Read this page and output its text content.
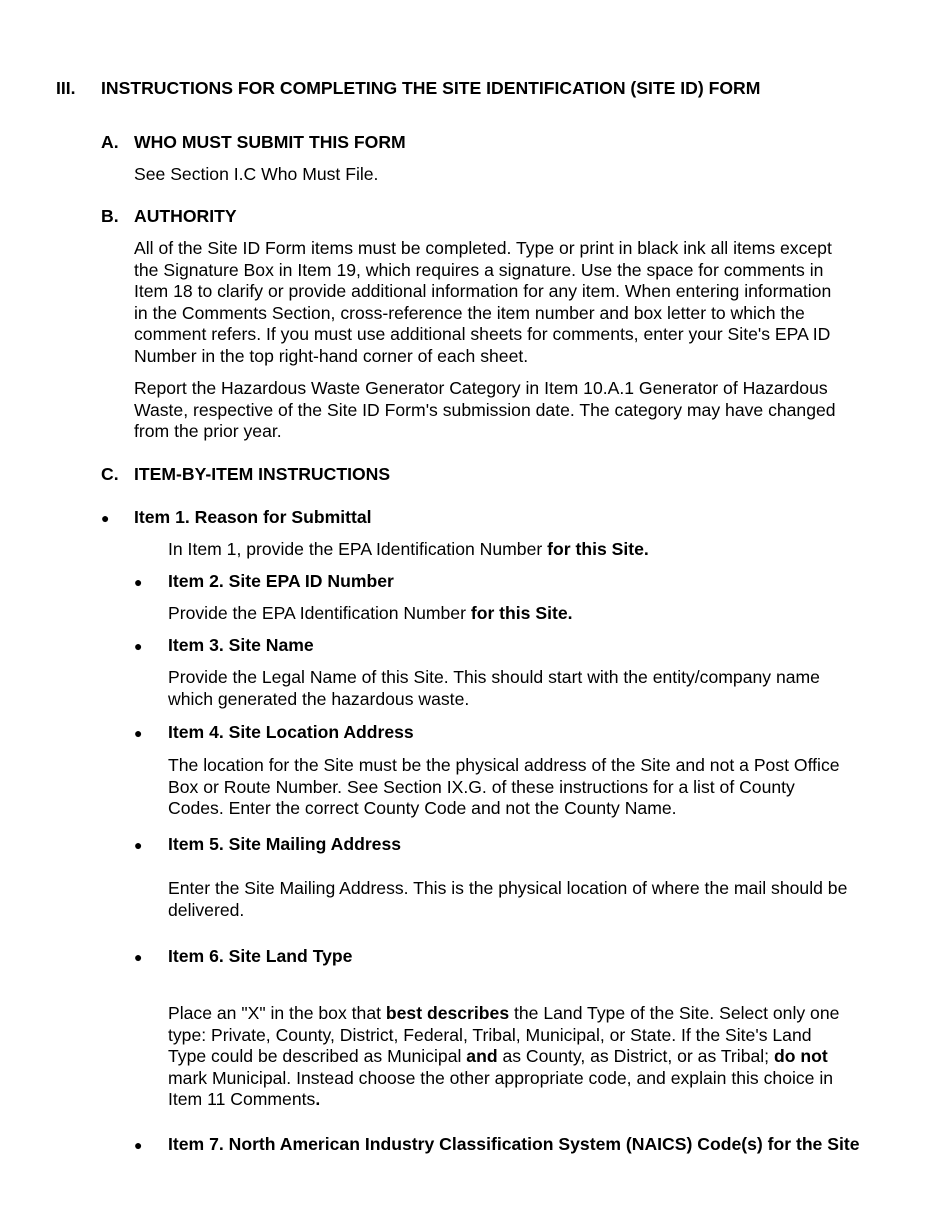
III. INSTRUCTIONS FOR COMPLETING THE SITE IDENTIFICATION (SITE ID) FORM
A. WHO MUST SUBMIT THIS FORM
See Section I.C Who Must File.
B. AUTHORITY
All of the Site ID Form items must be completed. Type or print in black ink all items except
the Signature Box in Item 19, which requires a signature. Use the space for comments in
Item 18 to clarify or provide additional information for any item. When entering information
in the Comments Section, cross-reference the item number and box letter to which the
comment refers. If you must use additional sheets for comments, enter your Site's EPA ID
Number in the top right-hand corner of each sheet.
Report the Hazardous Waste Generator Category in Item 10.A.1 Generator of Hazardous
Waste, respective of the Site ID Form's submission date. The category may have changed
from the prior year.
C. ITEM-BY-ITEM INSTRUCTIONS
● Item 1. Reason for Submittal
In Item 1, provide the EPA Identification Number for this Site.
● Item 2. Site EPA ID Number
Provide the EPA Identification Number for this Site.
● Item 3. Site Name
Provide the Legal Name of this Site. This should start with the entity/company name
which generated the hazardous waste.
● Item 4. Site Location Address
The location for the Site must be the physical address of the Site and not a Post Office
Box or Route Number. See Section IX.G. of these instructions for a list of County
Codes. Enter the correct County Code and not the County Name.
● Item 5. Site Mailing Address
Enter the Site Mailing Address. This is the physical location of where the mail should be
delivered.
● Item 6. Site Land Type
Place an "X" in the box that best describes the Land Type of the Site. Select only one
type: Private, County, District, Federal, Tribal, Municipal, or State. If the Site's Land
Type could be described as Municipal and as County, as District, or as Tribal; do not
mark Municipal. Instead choose the other appropriate code, and explain this choice in
Item 11 Comments.
● Item 7. North American Industry Classification System (NAICS) Code(s) for the Site
